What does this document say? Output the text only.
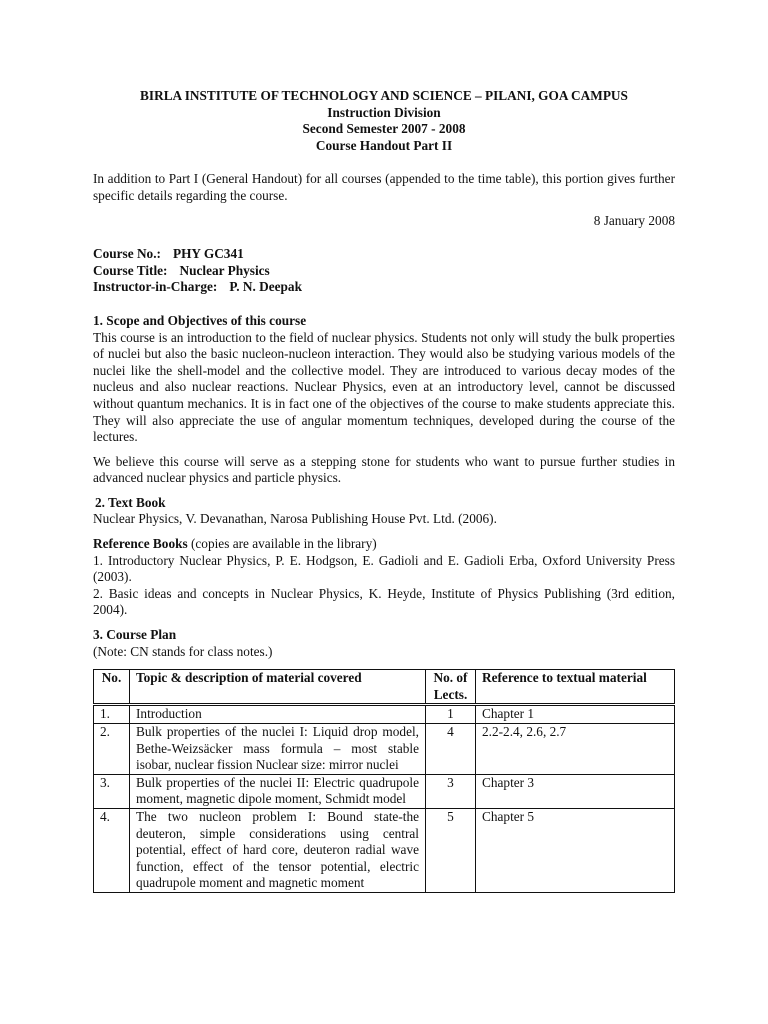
BIRLA INSTITUTE OF TECHNOLOGY AND SCIENCE – PILANI, GOA CAMPUS
Instruction Division
Second Semester 2007 - 2008
Course Handout Part II

In addition to Part I (General Handout) for all courses (appended to the time table), this portion gives further specific details regarding the course.

8 January 2008

Course No.: PHY GC341
Course Title: Nuclear Physics
Instructor-in-Charge: P. N. Deepak

1. Scope and Objectives of this course

This course is an introduction to the field of nuclear physics. Students not only will study the bulk properties of nuclei but also the basic nucleon-nucleon interaction. They would also be studying various models of the nuclei like the shell-model and the collective model. They are introduced to various decay modes of the nucleus and also nuclear reactions. Nuclear Physics, even at an introductory level, cannot be discussed without quantum mechanics. It is in fact one of the objectives of the course to make students appreciate this. They will also appreciate the use of angular momentum techniques, developed during the course of the lectures.

We believe this course will serve as a stepping stone for students who want to pursue further studies in advanced nuclear physics and particle physics.

2. Text Book

Nuclear Physics, V. Devanathan, Narosa Publishing House Pvt. Ltd. (2006).

Reference Books (copies are available in the library)

1. Introductory Nuclear Physics, P. E. Hodgson, E. Gadioli and E. Gadioli Erba, Oxford University Press (2003).

2. Basic ideas and concepts in Nuclear Physics, K. Heyde, Institute of Physics Publishing (3rd edition, 2004).

3. Course Plan

(Note: CN stands for class notes.)

No.	Topic & description of material covered	No. of Lects.	Reference to textual material
1.	Introduction	1	Chapter 1
2.	Bulk properties of the nuclei I: Liquid drop model, Bethe-Weizsäcker mass formula – most stable isobar, nuclear fission Nuclear size: mirror nuclei	4	2.2-2.4, 2.6, 2.7
3.	Bulk properties of the nuclei II: Electric quadrupole moment, magnetic dipole moment, Schmidt model	3	Chapter 3
4.	The two nucleon problem I: Bound state-the deuteron, simple considerations using central potential, effect of hard core, deuteron radial wave function, effect of the tensor potential, electric quadrupole moment and magnetic moment	5	Chapter 5
